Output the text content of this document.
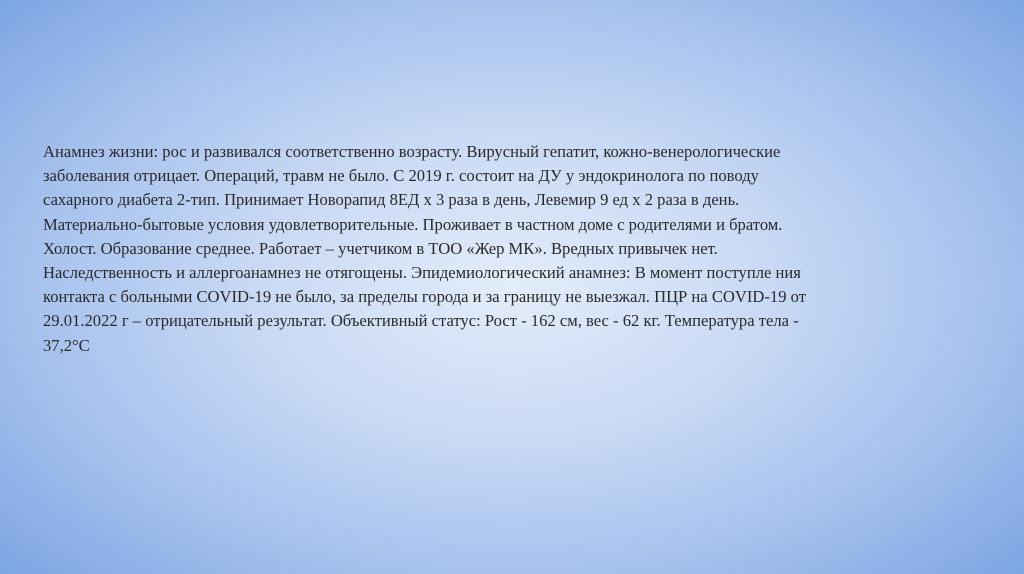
Анамнез жизни: рос и развивался соответственно возрасту. Вирусный гепатит, кожно-венерологические
заболевания отрицает. Операций, травм не было. С 2019 г. состоит на ДУ у эндокринолога по поводу
сахарного диабета 2-тип. Принимает Новорапид 8ЕД х 3 раза в день, Левемир 9 ед х 2 раза в день.
Материально-бытовые условия удовлетворительные. Проживает в частном доме с родителями и братом.
Холост. Образование среднее. Работает – учетчиком в ТОО «Жер МК». Вредных привычек нет.
Наследственность и аллергоанамнез не отягощены. Эпидемиологический анамнез: В момент поступле ния
контакта с больными COVID-19 не было, за пределы города и за границу не выезжал. ПЦР на COVID-19 от
29.01.2022 г – отрицательный результат. Объективный статус: Рост - 162 см, вес - 62 кг. Температура тела -
37,2°С
